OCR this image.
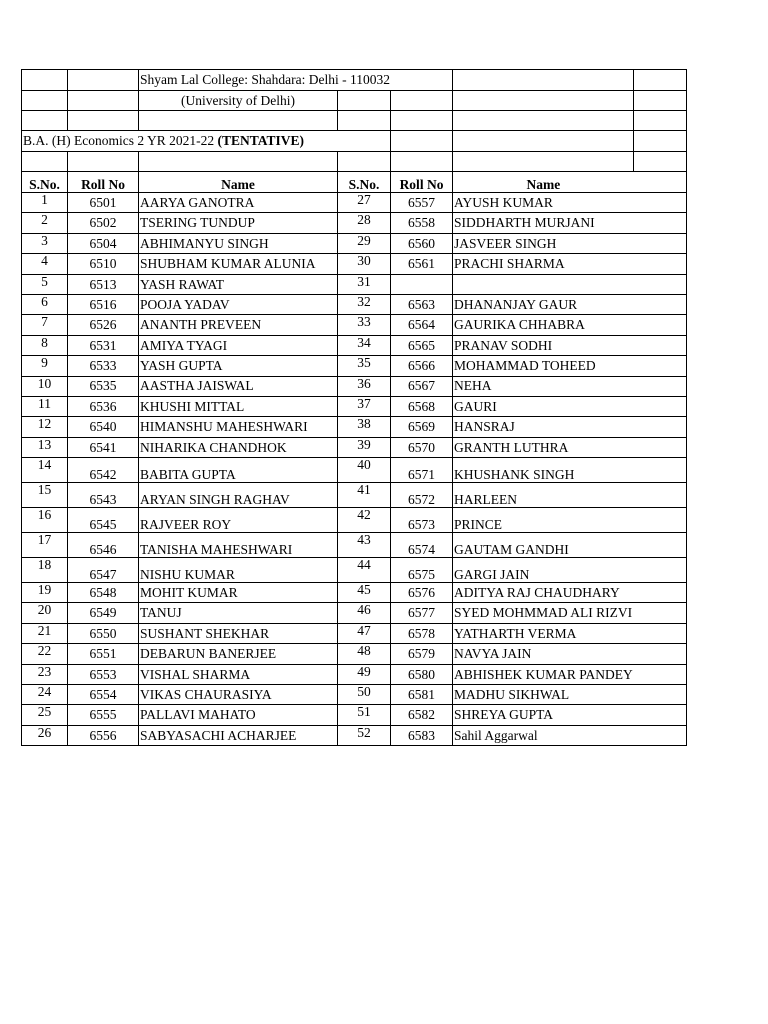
		Shyam Lal College: Shahdara: Delhi - 110032				
		(University of Delhi)				

B.A. (H) Economics 2 YR 2021-22 (TENTATIVE)						

S.No.	Roll No	Name	S.No.	Roll No	Name	
1	6501	AARYA GANOTRA	27	6557	AYUSH KUMAR	
2	6502	TSERING TUNDUP	28	6558	SIDDHARTH MURJANI	
3	6504	ABHIMANYU SINGH	29	6560	JASVEER SINGH	
4	6510	SHUBHAM KUMAR ALUNIA	30	6561	PRACHI SHARMA	
5	6513	YASH RAWAT	31			
6	6516	POOJA YADAV	32	6563	DHANANJAY GAUR	
7	6526	ANANTH PREVEEN	33	6564	GAURIKA CHHABRA	
8	6531	AMIYA TYAGI	34	6565	PRANAV SODHI	
9	6533	YASH GUPTA	35	6566	MOHAMMAD TOHEED	
10	6535	AASTHA JAISWAL	36	6567	NEHA	
11	6536	KHUSHI MITTAL	37	6568	GAURI	
12	6540	HIMANSHU MAHESHWARI	38	6569	HANSRAJ	
13	6541	NIHARIKA CHANDHOK	39	6570	GRANTH LUTHRA	
14	6542	BABITA GUPTA	40	6571	KHUSHANK SINGH	
15	6543	ARYAN SINGH RAGHAV	41	6572	HARLEEN	
16	6545	RAJVEER ROY	42	6573	PRINCE	
17	6546	TANISHA MAHESHWARI	43	6574	GAUTAM GANDHI	
18	6547	NISHU KUMAR	44	6575	GARGI JAIN	
19	6548	MOHIT KUMAR	45	6576	ADITYA RAJ CHAUDHARY	
20	6549	TANUJ	46	6577	SYED MOHMMAD ALI RIZVI	
21	6550	SUSHANT SHEKHAR	47	6578	YATHARTH VERMA	
22	6551	DEBARUN BANERJEE	48	6579	NAVYA JAIN	
23	6553	VISHAL SHARMA	49	6580	ABHISHEK KUMAR PANDEY	
24	6554	VIKAS CHAURASIYA	50	6581	MADHU SIKHWAL	
25	6555	PALLAVI MAHATO	51	6582	SHREYA GUPTA	
26	6556	SABYASACHI ACHARJEE	52	6583	Sahil Aggarwal	
